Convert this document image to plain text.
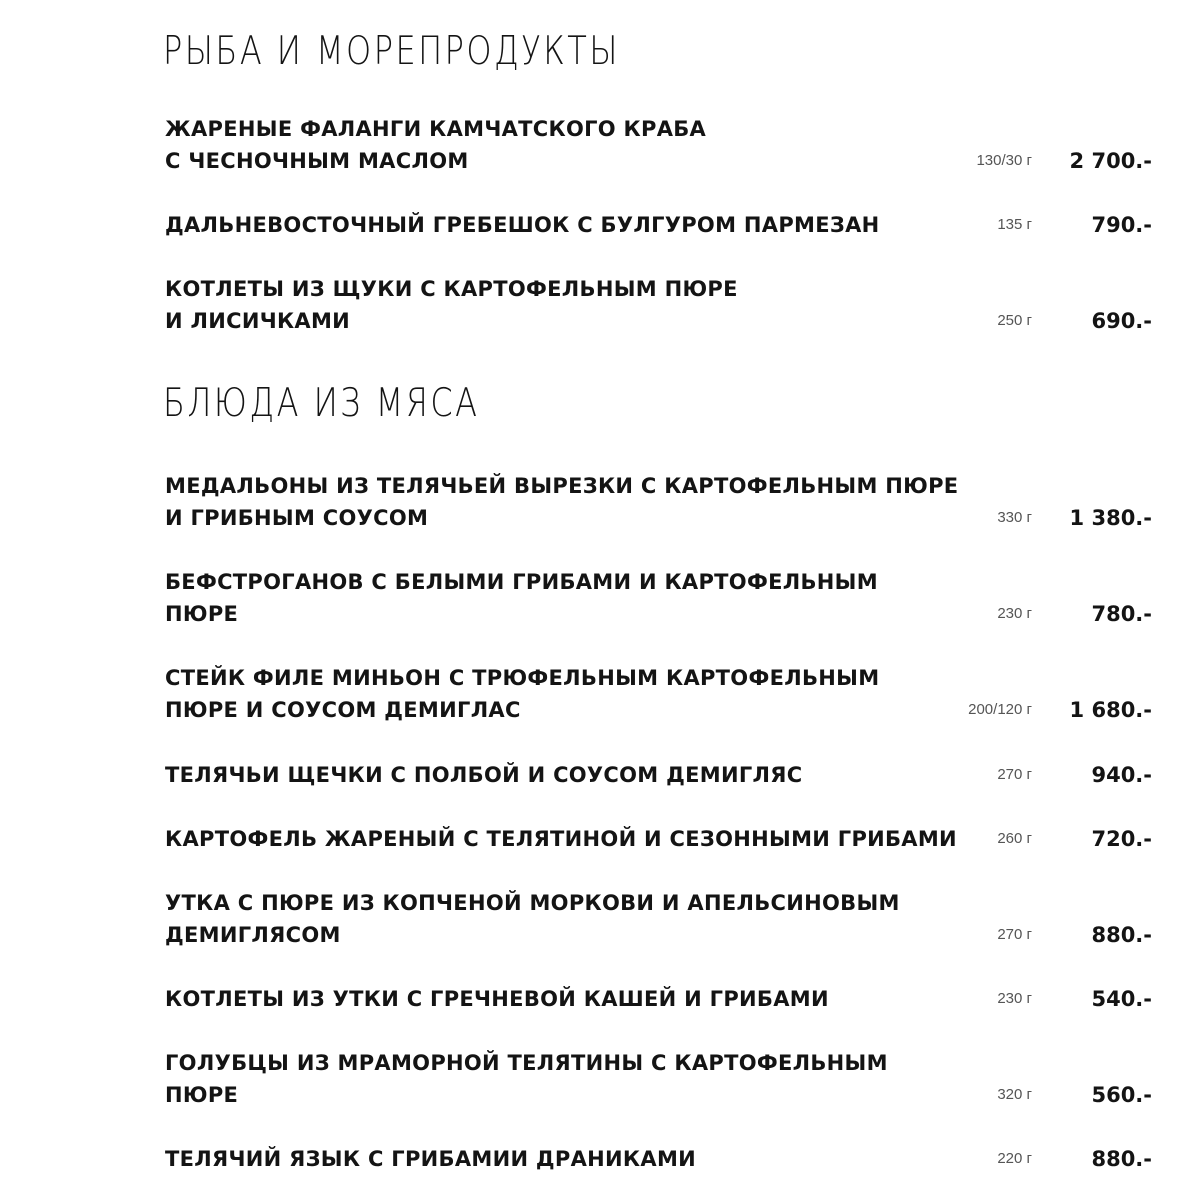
РЫБА И МОРЕПРОДУКТЫ
ЖАРЕНЫЕ ФАЛАНГИ КАМЧАТСКОГО КРАБА
С ЧЕСНОЧНЫМ МАСЛОМ	130/30 г 2 700.-
ДАЛЬНЕВОСТОЧНЫЙ ГРЕБЕШОК С БУЛГУРОМ ПАРМЕЗАН	135 г	790.-
КОТЛЕТЫ ИЗ ЩУКИ С КАРТОФЕЛЬНЫМ ПЮРЕ
И ЛИСИЧКАМИ	250 г	690.-
БЛЮДА ИЗ МЯСА
МЕДАЛЬОНЫ ИЗ ТЕЛЯЧЬЕЙ ВЫРЕЗКИ С КАРТОФЕЛЬНЫМ ПЮРЕ
И ГРИБНЫМ СОУСОМ	330 г 1 380.-
БЕФСТРОГАНОВ С БЕЛЫМИ ГРИБАМИ И КАРТОФЕЛЬНЫМ
ПЮРЕ	230 г	780.-
СТЕЙК ФИЛЕ МИНЬОН С ТРЮФЕЛЬНЫМ КАРТОФЕЛЬНЫМ
ПЮРЕ И СОУСОМ ДЕМИГЛАС	200/120 г 1 680.-
ТЕЛЯЧЬИ ЩЕЧКИ С ПОЛБОЙ И СОУСОМ ДЕМИГЛЯС	270 г	940.-
КАРТОФЕЛЬ ЖАРЕНЫЙ С ТЕЛЯТИНОЙ И СЕЗОННЫМИ ГРИБАМИ	260 г	720.-
УТКА С ПЮРЕ ИЗ КОПЧЕНОЙ МОРКОВИ И АПЕЛЬСИНОВЫМ
ДЕМИГЛЯСОМ	270 г	880.-
КОТЛЕТЫ ИЗ УТКИ С ГРЕЧНЕВОЙ КАШЕЙ И ГРИБАМИ	230 г	540.-
ГОЛУБЦЫ ИЗ МРАМОРНОЙ ТЕЛЯТИНЫ С КАРТОФЕЛЬНЫМ
ПЮРЕ	320 г	560.-
ТЕЛЯЧИЙ ЯЗЫК С ГРИБАМИИ ДРАНИКАМИ	220 г	880.-
